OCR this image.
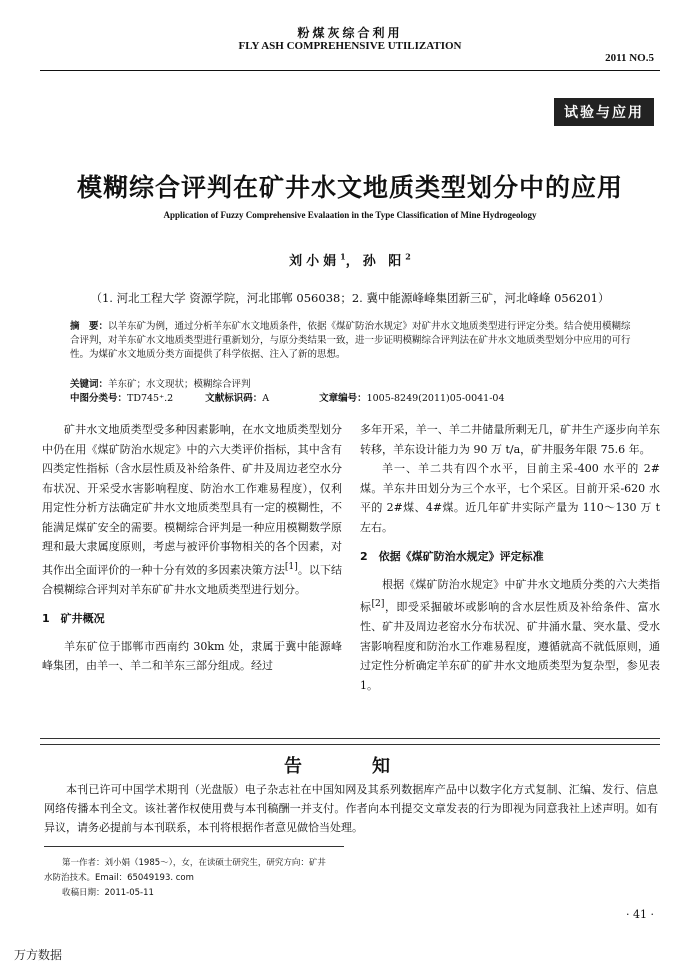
粉煤灰综合利用
FLY ASH COMPREHENSIVE UTILIZATION
2011 NO.5
试验与应用
模糊综合评判在矿井水文地质类型划分中的应用
Application of Fuzzy Comprehensive Evalaation in the Type Classification of Mine Hydrogeology
刘小娟$^1$，孙 阳$^2$
（1. 河北工程大学 资源学院，河北邯郸 056038；2. 冀中能源峰峰集团新三矿，河北峰峰 056201）
摘　要：以羊东矿为例，通过分析羊东矿水文地质条件，依据《煤矿防治水规定》对矿井水文地质类型进行评定分类。结合使用模糊综合评判，对羊东矿水文地质类型进行重新划分，与原分类结果一致，进一步证明模糊综合评判法在矿井水文地质类型划分中应用的可行性。为煤矿水文地质分类方面提供了科学依据、注入了新的思想。
关键词： 羊东矿；水文现状；模糊综合评判
中图分类号：TD745⁺.2	文献标识码：A	文章编号：1005-8249(2011)05-0041-04

矿井水文地质类型受多种因素影响，在水文地质类型划分中仍在用《煤矿防治水规定》中的六大类评价指标，其中含有四类定性指标（含水层性质及补给条件、矿井及周边老空水分布状况、开采受水害影响程度、防治水工作难易程度），仅利用定性分析方法确定矿井水文地质类型具有一定的模糊性，不能满足煤矿安全的需要。模糊综合评判是一种应用模糊数学原理和最大隶属度原则，考虑与被评价事物相关的各个因素，对其作出全面评价的一种十分有效的多因素决策方法[1]。以下结合模糊综合评判对羊东矿矿井水文地质类型进行划分。

1　矿井概况

羊东矿位于邯郸市西南约 30km 处，隶属于冀中能源峰峰集团，由羊一、羊二和羊东三部分组成。经过

多年开采，羊一、羊二井储量所剩无几，矿井生产逐步向羊东转移，羊东设计能力为 90 万 t/a，矿井服务年限 75.6 年。

羊一、羊二共有四个水平，目前主采-400 水平的 2#煤。羊东井田划分为三个水平，七个采区。目前开采-620 水平的 2#煤、4#煤。近几年矿井实际产量为 110～130 万 t 左右。

2　依据《煤矿防治水规定》评定标准

根据《煤矿防治水规定》中矿井水文地质分类的六大类指标[2]，即受采掘破坏或影响的含水层性质及补给条件、富水性、矿井及周边老窑水分布状况、矿井涌水量、突水量、受水害影响程度和防治水工作难易程度，遵循就高不就低原则，通过定性分析确定羊东矿的矿井水文地质类型为复杂型，参见表 1。

告　知
本刊已许可中国学术期刊（光盘版）电子杂志社在中国知网及其系列数据库产品中以数字化方式复制、汇编、发行、信息网络传播本刊全文。该社著作权使用费与本刊稿酬一并支付。作者向本刊提交文章发表的行为即视为同意我社上述声明。如有异议，请务必提前与本刊联系，本刊将根据作者意见做恰当处理。
第一作者：刘小娟（1985～），女，在读硕士研究生，研究方向：矿井
水防治技术。Email：65049193. com
收稿日期：2011-05-11
· 41 ·
万方数据
